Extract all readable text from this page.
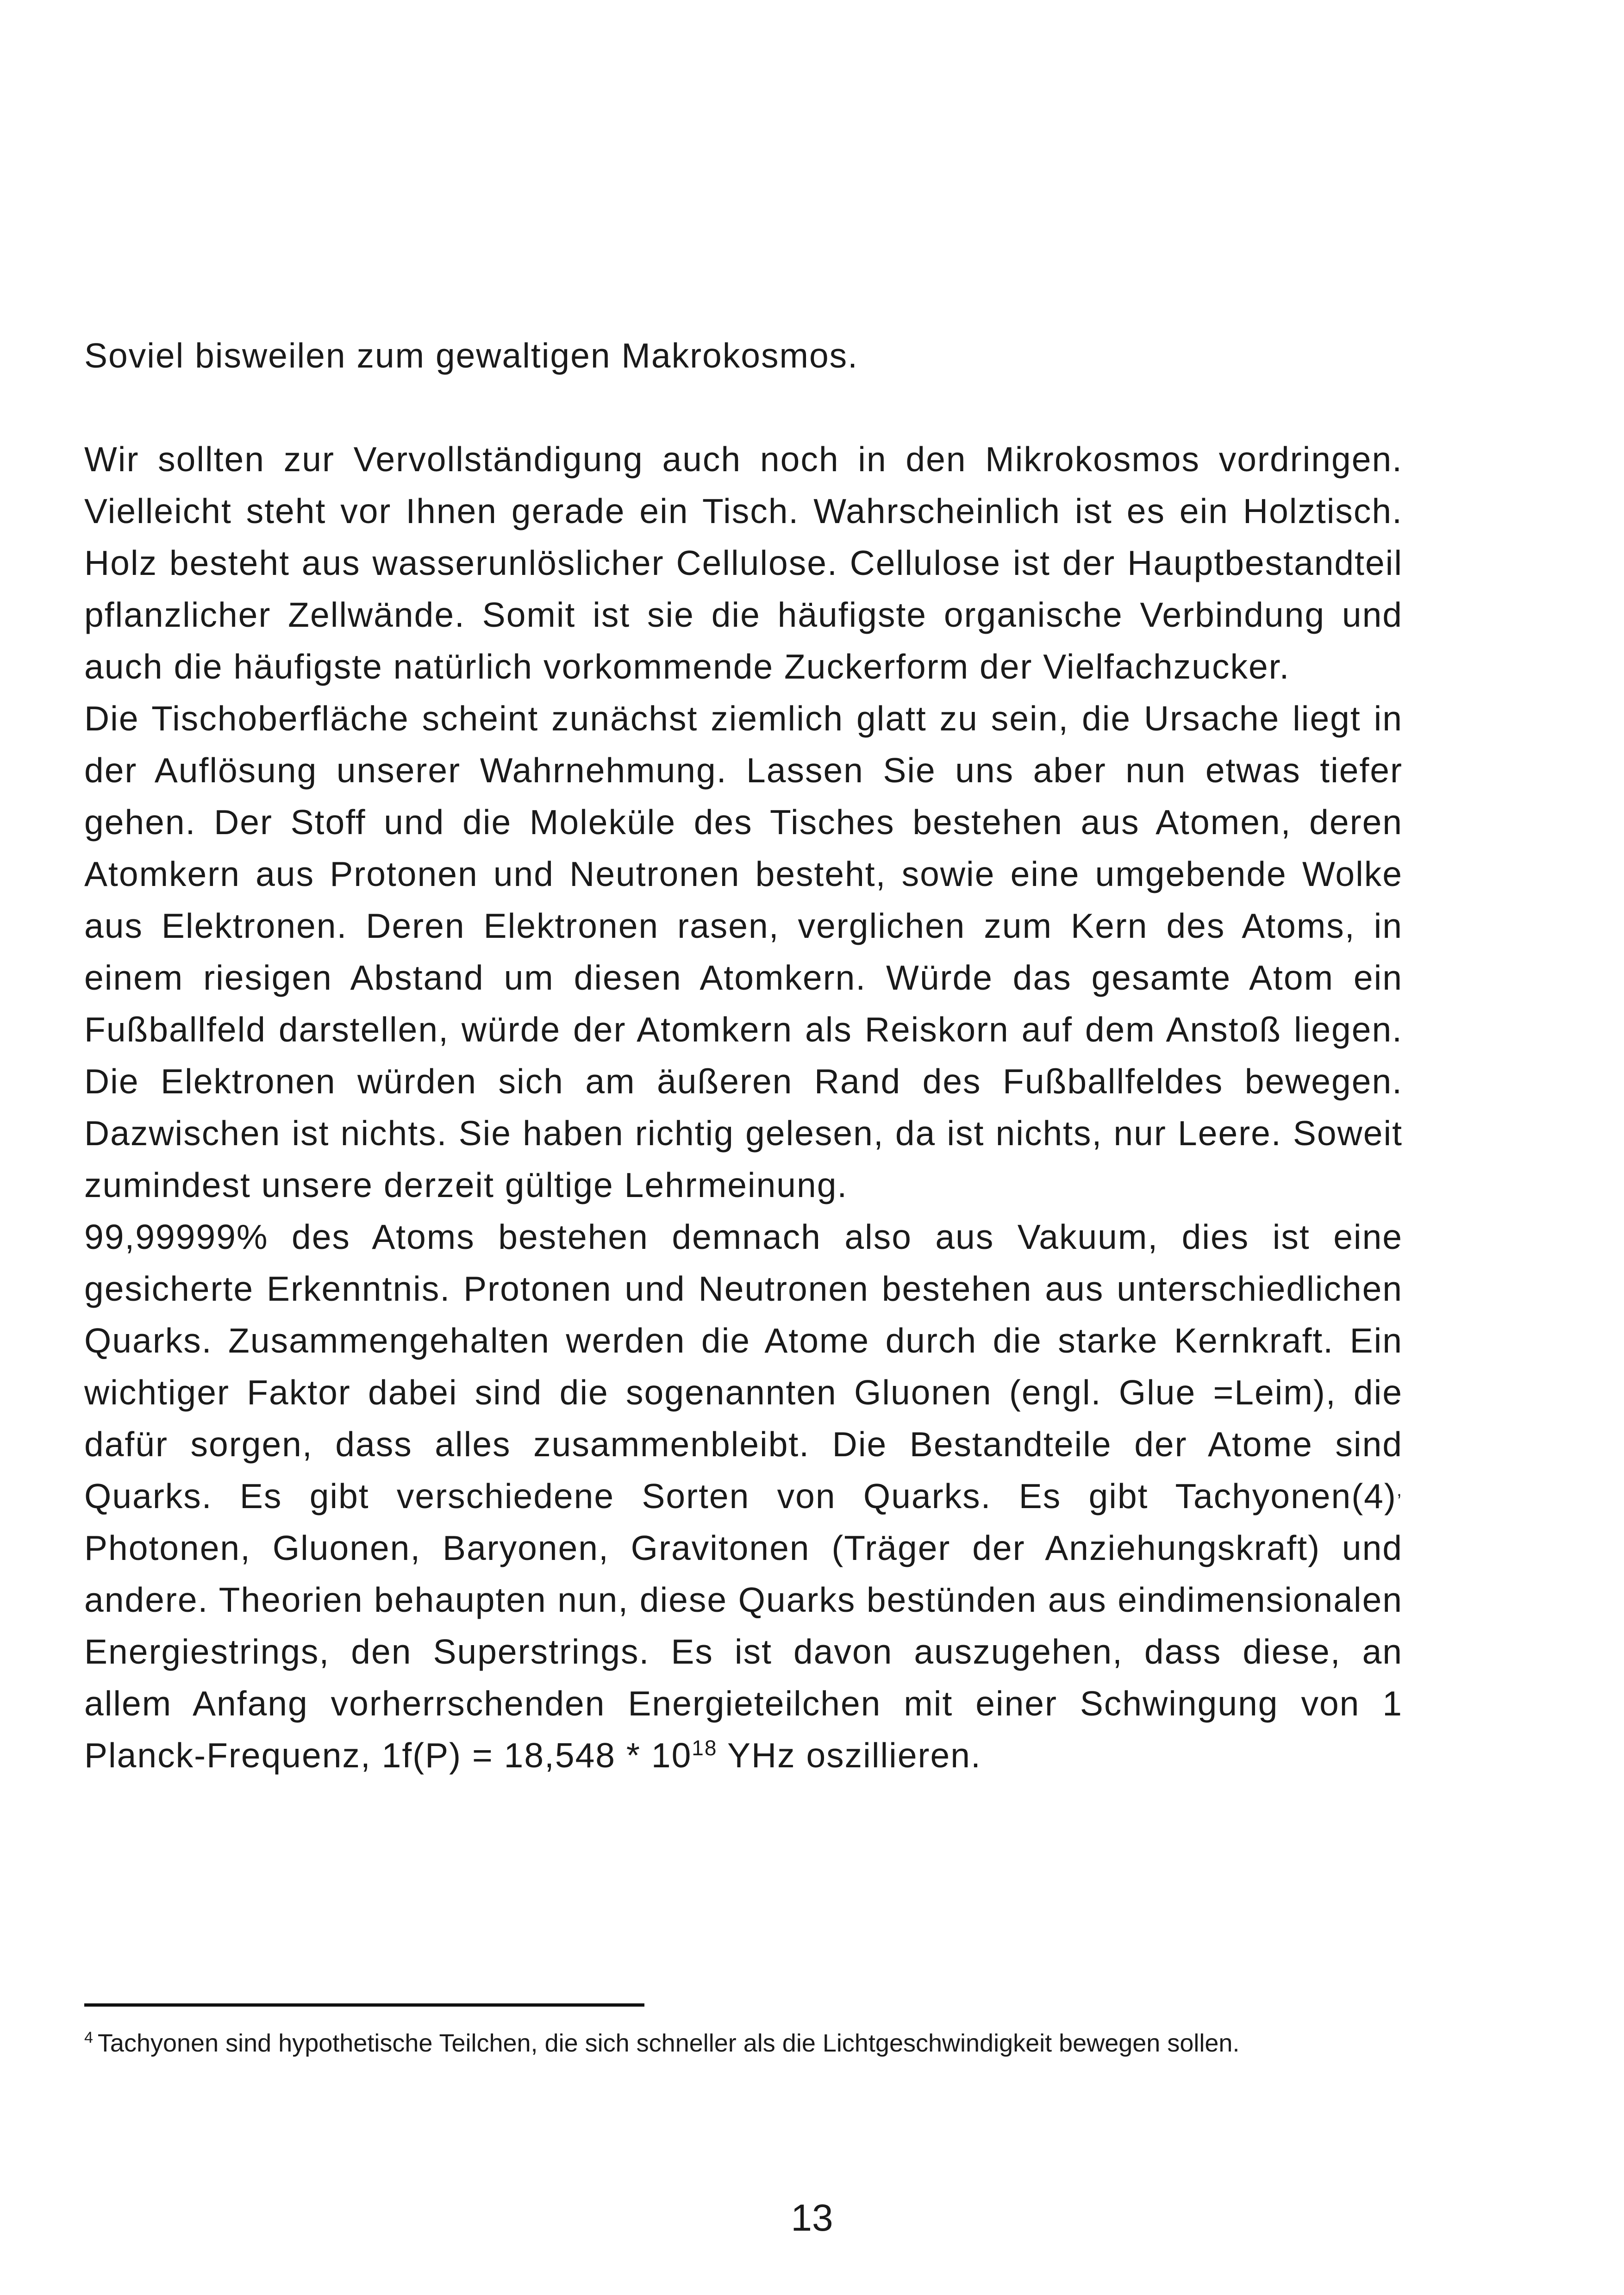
Soviel bisweilen zum gewaltigen Makrokosmos.

Wir sollten zur Vervollständigung auch noch in den Mikrokosmos vordringen. Vielleicht steht vor Ihnen gerade ein Tisch. Wahrscheinlich ist es ein Holztisch. Holz besteht aus wasserunlöslicher Cellulose. Cellulose ist der Hauptbestandteil pflanzlicher Zellwände. Somit ist sie die häufigste organische Verbindung und auch die häufigste natürlich vorkommende Zuckerform der Vielfachzucker.

Die Tischoberfläche scheint zunächst ziemlich glatt zu sein, die Ursache liegt in der Auflösung unserer Wahrnehmung. Lassen Sie uns aber nun etwas tiefer gehen. Der Stoff und die Moleküle des Tisches bestehen aus Atomen, deren Atomkern aus Protonen und Neutronen besteht, sowie eine umgebende Wolke aus Elektronen. Deren Elektronen rasen, verglichen zum Kern des Atoms, in einem riesigen Abstand um diesen Atomkern. Würde das gesamte Atom ein Fußballfeld darstellen, würde der Atomkern als Reiskorn auf dem Anstoß liegen. Die Elektronen würden sich am äußeren Rand des Fußballfeldes bewegen. Dazwischen ist nichts. Sie haben richtig gelesen, da ist nichts, nur Leere. Soweit zumindest unsere derzeit gültige Lehrmeinung.

99,99999% des Atoms bestehen demnach also aus Vakuum, dies ist eine gesicherte Erkenntnis. Protonen und Neutronen bestehen aus unterschiedlichen Quarks. Zusammengehalten werden die Atome durch die starke Kernkraft. Ein wichtiger Faktor dabei sind die sogenannten Gluonen (engl. Glue =Leim), die dafür sorgen, dass alles zusammenbleibt. Die Bestandteile der Atome sind Quarks. Es gibt verschiedene Sorten von Quarks. Es gibt Tachyonen(4), Photonen, Gluonen, Baryonen, Gravitonen (Träger der Anziehungskraft) und andere. Theorien behaupten nun, diese Quarks bestünden aus eindimensionalen Energiestrings, den Superstrings. Es ist davon auszugehen, dass diese, an allem Anfang vorherrschenden Energieteilchen mit einer Schwingung von 1 Planck-Frequenz, $1f(P) = 18,548 * 10^{18}$ YHz oszillieren.

$^4$ Tachyonen sind hypothetische Teilchen, die sich schneller als die Lichtgeschwindigkeit bewegen sollen.

13
